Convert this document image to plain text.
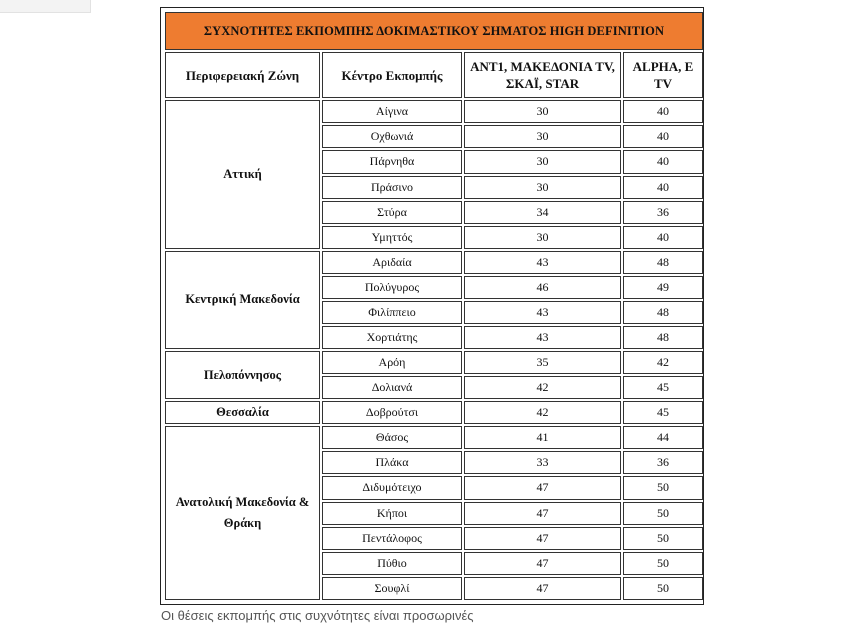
ΣΥΧΝΟΤΗΤΕΣ ΕΚΠΟΜΠΗΣ ΔΟΚΙΜΑΣΤΙΚΟΥ ΣΗΜΑΤΟΣ HIGH DEFINITION			
Περιφερειακή Ζώνη	Κέντρο Εκπομπής	ANT1, ΜΑΚΕΔΟΝΙΑ TV, ΣΚΑΪ, STAR	ALPHA, E TV
Αττική	Αίγινα	30	40
	Οχθωνιά	30	40
	Πάρνηθα	30	40
	Πράσινο	30	40
	Στύρα	34	36
	Υμηττός	30	40
Κεντρική Μακεδονία	Αριδαία	43	48
	Πολύγυρος	46	49
	Φιλίππειο	43	48
	Χορτιάτης	43	48
Πελοπόννησος	Αρόη	35	42
	Δολιανά	42	45
Θεσσαλία	Δοβρούτσι	42	45
Ανατολική Μακεδονία & Θράκη	Θάσος	41	44
	Πλάκα	33	36
	Διδυμότειχο	47	50
	Κήποι	47	50
	Πεντάλοφος	47	50
	Πύθιο	47	50
	Σουφλί	47	50
Οι θέσεις εκπομπής στις συχνότητες είναι προσωρινές
